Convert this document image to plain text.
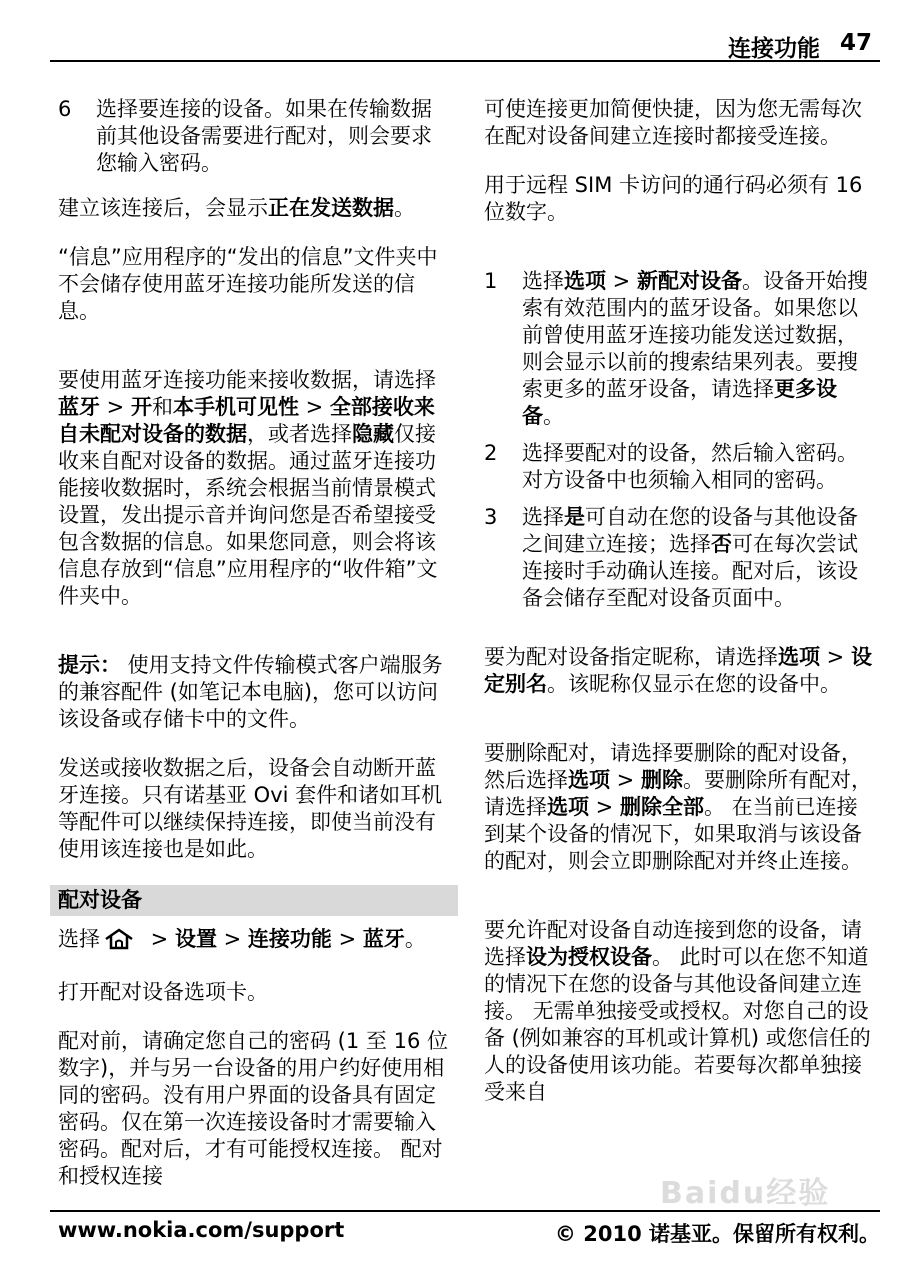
连接功能 47
6	选择要连接的设备。如果在传输数据前其他设备需要进行配对，则会要求您输入密码。

建立该连接后，会显示正在发送数据。

“信息”应用程序的“发出的信息”文件夹中不会储存使用蓝牙连接功能所发送的信息。

要使用蓝牙连接功能来接收数据，请选择蓝牙 > 开和本手机可见性 > 全部接收来自未配对设备的数据，或者选择隐藏仅接收来自配对设备的数据。通过蓝牙连接功能接收数据时，系统会根据当前情景模式设置，发出提示音并询问您是否希望接受包含数据的信息。如果您同意，则会将该信息存放到“信息”应用程序的“收件箱”文件夹中。

提示： 使用支持文件传输模式客户端服务的兼容配件 (如笔记本电脑)，您可以访问该设备或存储卡中的文件。

发送或接收数据之后，设备会自动断开蓝牙连接。只有诺基亚 Ovi 套件和诸如耳机等配件可以继续保持连接，即使当前没有使用该连接也是如此。

配对设备

选择 > 设置 > 连接功能 > 蓝牙。

打开配对设备选项卡。

配对前，请确定您自己的密码 (1 至 16 位数字)，并与另一台设备的用户约好使用相同的密码。没有用户界面的设备具有固定密码。仅在第一次连接设备时才需要输入密码。配对后，才有可能授权连接。 配对和授权连接

可使连接更加简便快捷，因为您无需每次在配对设备间建立连接时都接受连接。

用于远程 SIM 卡访问的通行码必须有 16 位数字。

1	选择选项 > 新配对设备。设备开始搜索有效范围内的蓝牙设备。如果您以前曾使用蓝牙连接功能发送过数据，则会显示以前的搜索结果列表。要搜索更多的蓝牙设备，请选择更多设备。
2	选择要配对的设备，然后输入密码。 对方设备中也须输入相同的密码。
3	选择是可自动在您的设备与其他设备之间建立连接；选择否可在每次尝试连接时手动确认连接。配对后，该设备会储存至配对设备页面中。

要为配对设备指定昵称，请选择选项 > 设定别名。该昵称仅显示在您的设备中。

要删除配对，请选择要删除的配对设备，然后选择选项 > 删除。要删除所有配对，请选择选项 > 删除全部。 在当前已连接到某个设备的情况下，如果取消与该设备的配对，则会立即删除配对并终止连接。

要允许配对设备自动连接到您的设备，请选择设为授权设备。 此时可以在您不知道的情况下在您的设备与其他设备间建立连接。 无需单独接受或授权。对您自己的设备 (例如兼容的耳机或计算机) 或您信任的人的设备使用该功能。若要每次都单独接受来自

Baidu经验
www.nokia.com/support	© 2010 诺基亚。保留所有权利。
